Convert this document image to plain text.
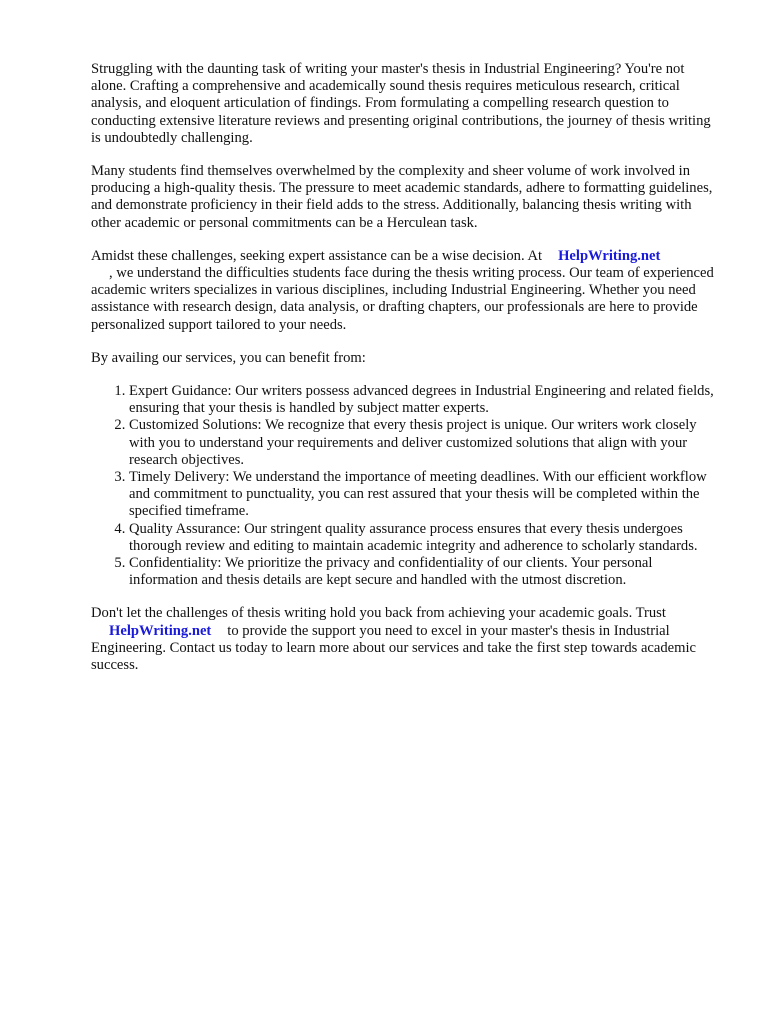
Struggling with the daunting task of writing your master's thesis in Industrial Engineering? You're not alone. Crafting a comprehensive and academically sound thesis requires meticulous research, critical analysis, and eloquent articulation of findings. From formulating a compelling research question to conducting extensive literature reviews and presenting original contributions, the journey of thesis writing is undoubtedly challenging.

Many students find themselves overwhelmed by the complexity and sheer volume of work involved in producing a high-quality thesis. The pressure to meet academic standards, adhere to formatting guidelines, and demonstrate proficiency in their field adds to the stress. Additionally, balancing thesis writing with other academic or personal commitments can be a Herculean task.

Amidst these challenges, seeking expert assistance can be a wise decision. At HelpWriting.net
, we understand the difficulties students face during the thesis writing process. Our team of experienced academic writers specializes in various disciplines, including Industrial Engineering. Whether you need assistance with research design, data analysis, or drafting chapters, our professionals are here to provide personalized support tailored to your needs.

By availing our services, you can benefit from:

1. Expert Guidance: Our writers possess advanced degrees in Industrial Engineering and related fields, ensuring that your thesis is handled by subject matter experts.
2. Customized Solutions: We recognize that every thesis project is unique. Our writers work closely with you to understand your requirements and deliver customized solutions that align with your research objectives.
3. Timely Delivery: We understand the importance of meeting deadlines. With our efficient workflow and commitment to punctuality, you can rest assured that your thesis will be completed within the specified timeframe.
4. Quality Assurance: Our stringent quality assurance process ensures that every thesis undergoes thorough review and editing to maintain academic integrity and adherence to scholarly standards.
5. Confidentiality: We prioritize the privacy and confidentiality of our clients. Your personal information and thesis details are kept secure and handled with the utmost discretion.

Don't let the challenges of thesis writing hold you back from achieving your academic goals. Trust
HelpWriting.net to provide the support you need to excel in your master's thesis in Industrial Engineering. Contact us today to learn more about our services and take the first step towards academic success.
